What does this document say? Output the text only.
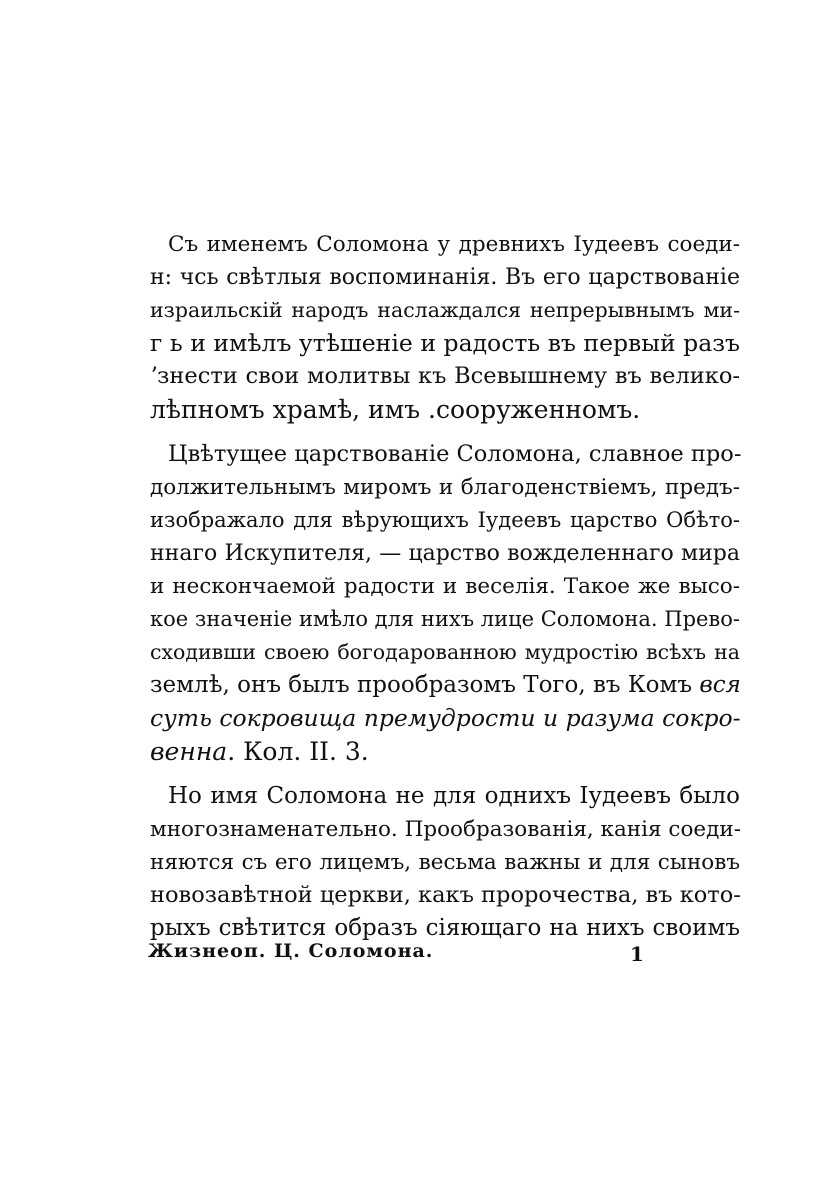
Съ именемъ Соломона у древнихъ Іудеевъ соеди-
н: чсь свѣтлыя воспоминанія. Въ его царствованіе
израильскій народъ наслаждался непрерывнымъ ми-
ᴦ ь и имѣлъ утѣшеніе и радость въ первый разъ
ʼзнести свои молитвы къ Всевышнему въ велико-
лѣпномъ храмѣ, имъ .сооруженномъ.
Цвѣтущее царствованіе Соломона, славное про-
должительнымъ миромъ и благоденствіемъ, предъ-
изображало для вѣрующихъ Іудеевъ царство Обѣто-
ннаго Искупителя, — царство вожделеннаго мира
и нескончаемой радости и веселія. Такое же высо-
кое значеніе имѣло для нихъ лице Соломона. Прево-
сходивши своею богодарованною мудростію всѣхъ на
землѣ, онъ былъ прообразомъ Того, въ Комъ вся
суть сокровища премудрости и разума сокро-
венна. Кол. II. 3.
Но имя Соломона не для однихъ Іудеевъ было
многознаменательно. Прообразованія, канія соеди-
няются съ его лицемъ, весьма важны и для сыновъ
новозавѣтной церкви, какъ пророчества, въ кото-
рыхъ свѣтится образъ сіяющаго на нихъ своимъ
Жизнеоп. Ц. Соломона.	1
